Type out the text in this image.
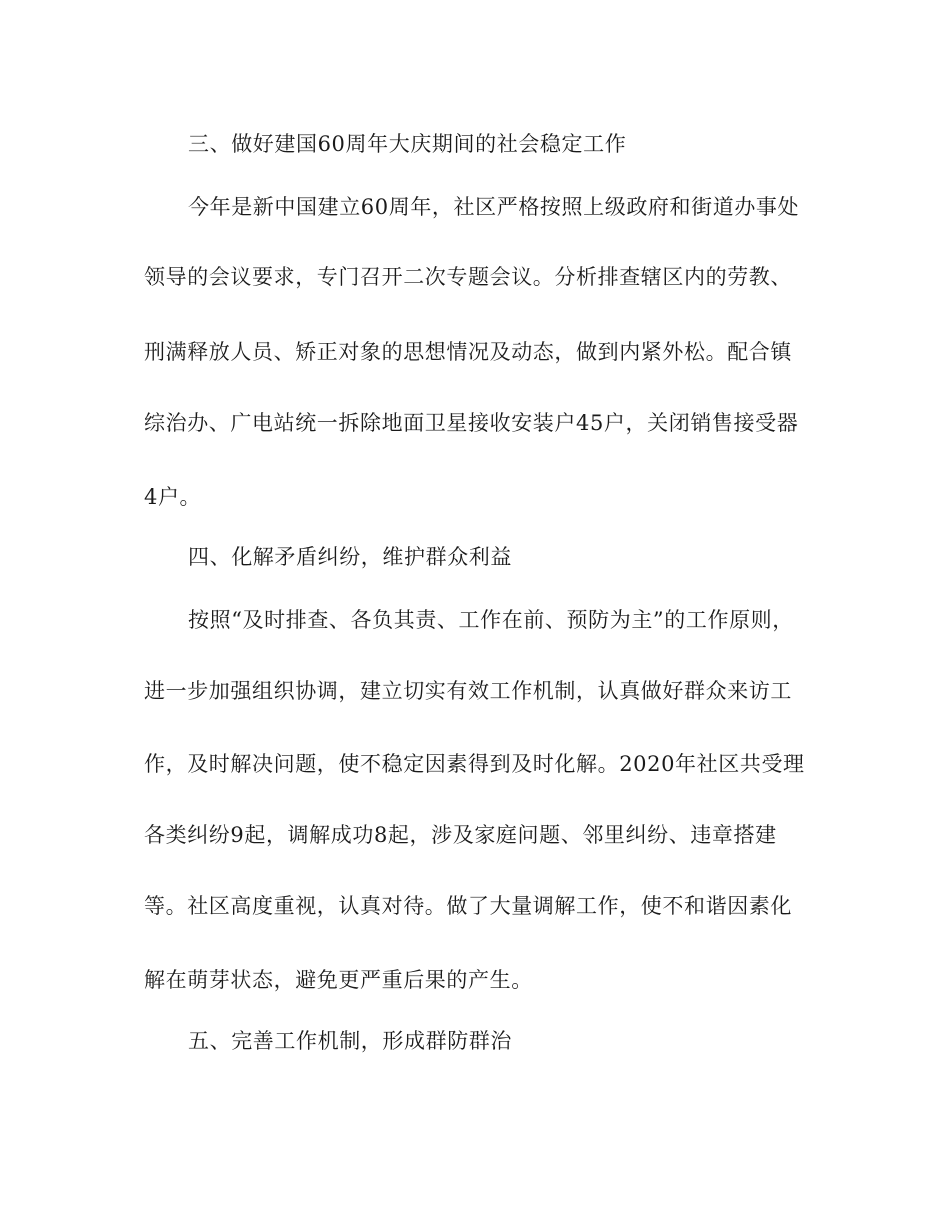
三、做好建国60周年大庆期间的社会稳定工作
今年是新中国建立60周年，社区严格按照上级政府和街道办事处
领导的会议要求，专门召开二次专题会议。分析排查辖区内的劳教、
刑满释放人员、矫正对象的思想情况及动态，做到内紧外松。配合镇
综治办、广电站统一拆除地面卫星接收安装户45户，关闭销售接受器
4户。
四、化解矛盾纠纷，维护群众利益
按照“及时排查、各负其责、工作在前、预防为主”的工作原则，
进一步加强组织协调，建立切实有效工作机制，认真做好群众来访工
作，及时解决问题，使不稳定因素得到及时化解。2020年社区共受理
各类纠纷9起，调解成功8起，涉及家庭问题、邻里纠纷、违章搭建
等。社区高度重视，认真对待。做了大量调解工作，使不和谐因素化
解在萌芽状态，避免更严重后果的产生。
五、完善工作机制，形成群防群治
